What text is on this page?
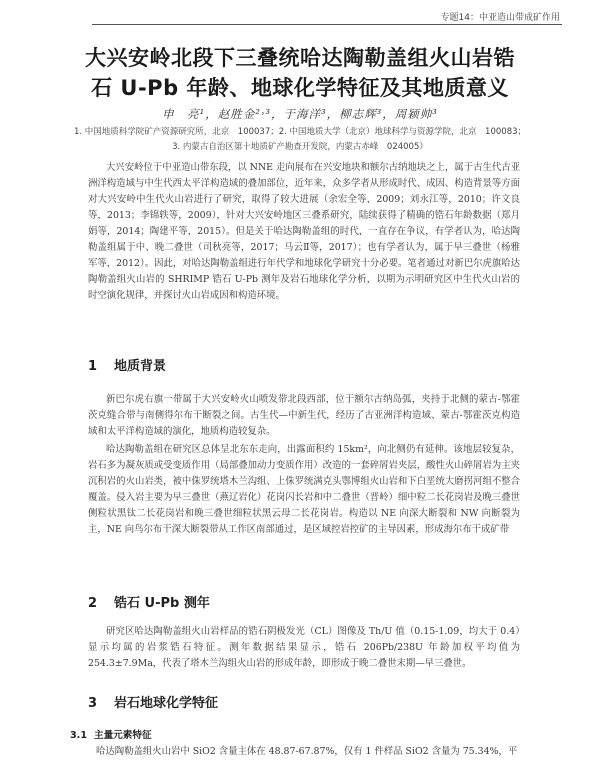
专题14：中亚造山带成矿作用
大兴安岭北段下三叠统哈达陶勒盖组火山岩锆
石 U-Pb 年龄、地球化学特征及其地质意义
申　亮¹，赵胜金²˒³，于海洋³，柳志辉³，周颖帅³
1. 中国地质科学院矿产资源研究所，北京　100037；2. 中国地质大学（北京）地球科学与资源学院，北京　100083；
3. 内蒙古自治区第十地质矿产勘查开发院，内蒙古赤峰　024005）

大兴安岭位于中亚造山带东段，以 NNE 走向展布在兴安地块和额尔古纳地块之上，属于古生代古亚洲洋构造域与中生代西太平洋构造域的叠加部位，近年来，众多学者从形成时代、成因、构造背景等方面对大兴安岭中生代火山岩进行了研究，取得了较大进展（余宏全等，2009；刘永江等，2010；许文良等，2013；李锦轶等，2009），针对大兴安岭地区三叠系研究，陆续获得了精确的锆石年龄数据（郑月娟等，2014；陶建平等，2015）。但是关于哈达陶勒盖组的时代，一直存在争议，有学者认为，哈达陶勒盖组属于中、晚二叠世（司秋亮等，2017；马云Ⅱ等，2017）；也有学者认为，属于早三叠世（杨雅军等，2012）。因此，对哈达陶勒盖组进行年代学和地球化学研究十分必要。笔者通过对新巴尔虎旗哈达陶勒盖组火山岩的 SHRIMP 锆石 U-Pb 测年及岩石地球化学分析，以期为示明研究区中生代火山岩的时空演化规律，并探讨火山岩成因和构造环境。

1 地质背景

新巴尔虎右旗一带属于大兴安岭火山喷发带北段西部，位于额尔古纳岛弧，夹持于北侧的蒙古-鄂霍茨克缝合带与南侧得尔布干断裂之间。古生代—中新生代，经历了古亚洲洋构造域、蒙古-鄂霍茨克构造域和太平洋构造域的演化，地质构造较复杂。

哈达陶勒盖组在研究区总体呈北东东走向，出露面积约 15km²，向北侧仍有延伸。该地层较复杂，岩石多为凝灰质或受变质作用（局部叠加动力变质作用）改造的一套碎屑岩夹层，酸性火山碎屑岩为主夹沉积岩的火山岩类，被中侏罗统塔木兰沟组、上侏罗统满克头鄂博组火山岩和下白垩统大磨拐河组不整合覆盖。侵入岩主要为早三叠世（燕辽岩化）花岗闪长岩和中二叠世（晋岭）细中粒二长花岗岩及晚三叠世侧粒状黑钛二长花岗岩和晚三叠世细粒状黑云母二长花岗岩。构造以 NE 向深大断裂和 NW 向断裂为主，NE 向鸟尔布干深大断裂带从工作区南部通过，是区域控岩控矿的主导因素，形成海尔布干成矿带

2 锆石 U-Pb 测年

研究区哈达陶勒盖组火山岩样品的锆石阴极发光（CL）图像及 Th/U 值（0.15-1.09，均大于 0.4）显示均属的岩浆锆石特征。测年数据结果显示，锆石 206Pb/238U 年龄加权平均值为 254.3±7.9Ma，代表了塔木兰沟组火山岩的形成年龄，即形成于晚二叠世末期—早三叠世。

3 岩石地球化学特征
3.1 主量元素特征

哈达陶勒盖组火山岩中 SiO2 含量主体在 48.87-67.87%，仅有 1 件样品 SiO2 含量为 75.34%，平
